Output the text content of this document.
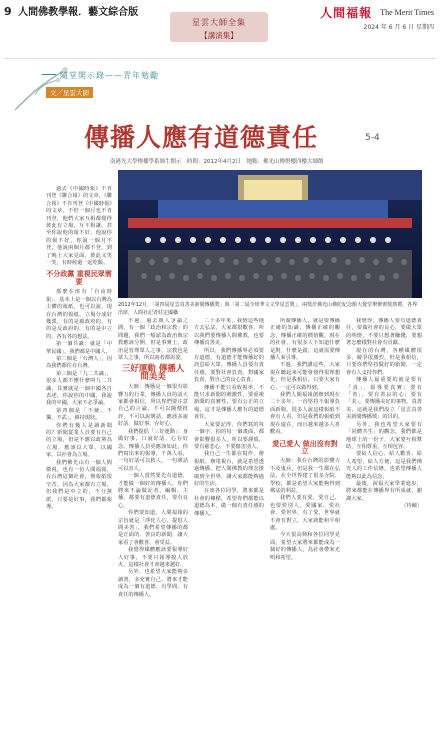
9 人間佛教學報．藝文綜合版	人間福報 The Merit Times
2024 年 6 月 6 日 星期四
星雲大師全集
【講演集】
隨堂開示錄——青年勉勵
文／星雲大師
傳播人應有道德責任	5-4
南港光大學傳播學系師生開示　時間：2012年4月2日　地點：佛光山傳燈樓四樓大師館
2012年12月，「第四屆星雲真善美新聞傳播獎」與「第二屆全球華文文學星雲獎」，兩獎於佛光山佛陀紀念館大覺堂舉辦頒獎典禮，各界出席，人間社記者莊定國攝

過去《中國時報》不肯刊登《聯合報》的文章，《聯合報》不肯刊登《中國時報》的文章，不但一個月也不肯刊登，他們大家互相都覺得彼此有立場，互不相讓。甚至你說他的報不好，他說你的報不好，你說一個月不登，他說兩個月都不登，到了晚上大家見面，彼此又笑一笑，有時候還一起吃飯。

不分政黨 重視民眾需要

那麼在座有「自由時報」，基本上是一個以台灣為主體的報紙，也可以說，現在台灣的報紙，立場分成好幾派，有的是親政府的，有的是反政府的，有的是中立的，各有各的想法。

第一個共識：就是「中華民國」，我們都是中國人。

第二個是「台灣人」，因為我們都住在台灣。

第三個是「九二共識」，很多人都不懂什麼叫九二共識，其實就是一個中國各自表述，你說你的中國，我說我的中國，大家不必爭論。

第四個是「不統、不獨、不武」，維持現狀。

你們有幾人是讀新聞的？新聞從業人員要有自己的立場，但是不應以政黨為立場，應該以大眾、以國家、以社會為立場。

我們佛光山有一個人間衛視，也有一份人間福報，在台灣這個社會，辦報紙很辛苦，因為大家都有立場，但我們是中立的，不分黨派，只要是好事，我們都報導。

不過，過去與人爭論之間，有一個「政治和宗教」的問題，我們一般認為政治與宗教應該分開，但是事實上，政治是管理眾人之事，宗教也是眾人之事，所以兩者都需要。

三好運動 傳播人間美美

大師：傳播是一個很有影響力的行業，傳播人員的話大家都會相信，所以你們要注意自己的言論，不可以隨便批評，不可以說壞話，應該多說好話、做好事、存好心。

我們提倡「三好運動」：身做好事、口說好話、心存好念。傳播人員更應該如此，你們寫出來的報導，千萬人看，一句好話可以救人，一句壞話可以害人。

一個人當然要先有道德，才能做一個好的傳播人。你們將來不論做記者、編輯、主播，都要有道德責任，要有良心。

你們要知道，人間福報的宗旨就是「淨化人心、提倡人間美善」，我們希望傳播的都是正面的、善良的新聞，讓大家看了會歡喜、會受益。

我覺得媒體應該要報導好人好事，不要只報導殺人放火，這樣社會才會越來越好。

另外，也希望大家能夠多讀書，多充實自己，將來才能成為一個有道德、有學問、有責任的傳播人。

二十多年來，我到這些地方去弘法，大家都很歡喜，所以我們要傳播人間佛教，也要傳播真善美。

所以，我們傳播界必須要有道德，有道德才能傳播好的訊息給大眾，傳播人員要有責任感，要對社會負責，對國家負責，對自己的良心負責。

傳播不能只看收視率，不能只求新聞的刺激性，要重視新聞的真實性，要有公正的立場，這才是傳播人應有的道德責任。

大家要記得，你們寫的每一個字，拍的每一個畫面，都會影響很多人，所以要謹慎，要有慈悲心，不要傷害別人。

我自己一生都在寫作、辦報紙、辦電視台，就是希望透過傳播，把人間佛教的理念推廣到全世界，讓大家都能夠過好的生活。

在座各位同學，將來都是社會的棟樑，希望你們都能以道德為本，做一個有責任感的傳播人。

所謂傳播人，就是要傳播正確的知識，傳播正確的觀念，傳播正確的價值觀。現在的社會，有很多人不知道什麼是對，什麼是錯，這就需要傳播人來引導。

不過，我們講這些，大家現在聽起來可能會覺得很理想化，但是我相信，只要大家有心，一定可以做得到。

我們人間福報創辦到現在二十多年，一直堅持不報導負面新聞，很多人說這樣報紙不會有人看，但是我們的報紙到現在還在，而且越來越多人喜歡看。

愛己愛人 做出沒有對立

大師：我在台灣的影響力不及鬼兵，但是我一生都在弘法，在全世界建了很多寺院、學校，都是希望大家能夠得到佛法的利益。

我們人要有愛，愛自己，也要愛別人，愛國家、愛社會、愛世界，有了愛，世界就不會有對立，大家就能和平相處。

今天很高興和各位同學見面，希望大家將來都能成為一個好的傳播人，為社會帶來光明和希望。

我覺得，傳播人要有道德責任，要做社會的良心，要做大眾的明燈，不要只想著賺錢，要想著怎麼樣對社會有貢獻。

現在的台灣，各種媒體很多，競爭很激烈，但是我相信，只要你們堅持做好的新聞，一定會有人支持你們。

傳播人最重要的就是要有「真」，報導要真實；要有「善」，要有善良的心；要有「美」，要傳播美好的事物。真善美，這就是我們設立「星雲真善美新聞傳播獎」的目的。

另外，我也希望大家要有「同體共生」的觀念，我們都是地球上的一份子，大家要互相幫助，互相尊重，互相包容。

要給人信心、給人歡喜、給人希望、給人方便，這是我們佛光人的工作信條，也希望傳播人能夠以此為信念。

最後，祝福大家學業進步，將來都能在傳播界有所成就，謝謝大家。

（待續）
